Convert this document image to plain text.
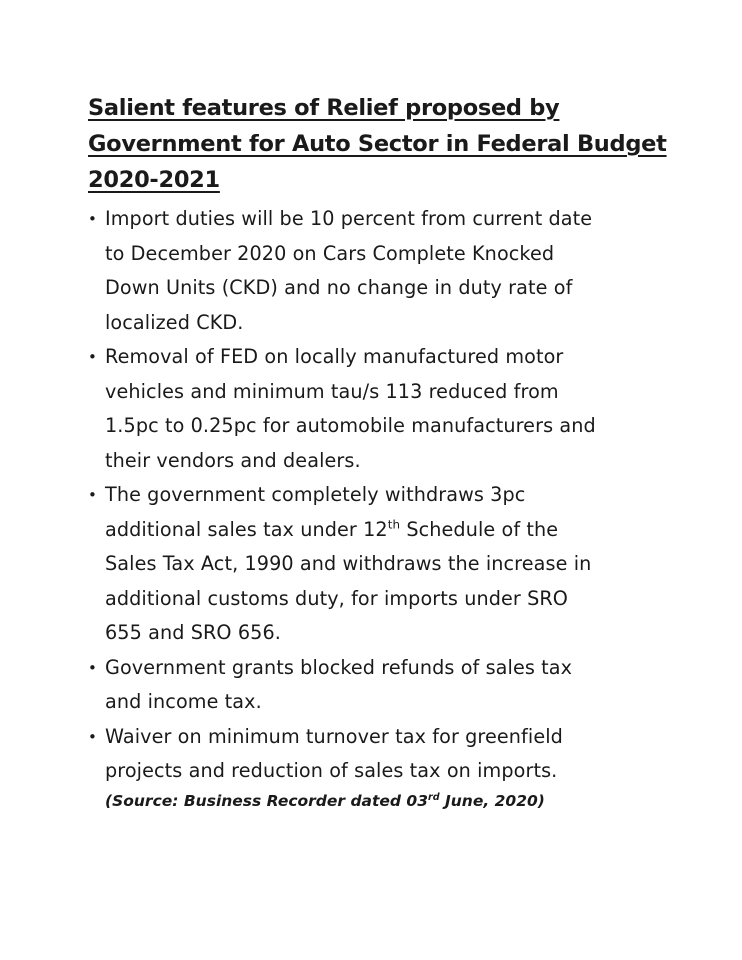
Salient features of Relief proposed by
Government for Auto Sector in Federal Budget
2020-2021
• Import duties will be 10 percent from current date
to December 2020 on Cars Complete Knocked
Down Units (CKD) and no change in duty rate of
localized CKD.
• Removal of FED on locally manufactured motor
vehicles and minimum tau/s 113 reduced from
1.5pc to 0.25pc for automobile manufacturers and
their vendors and dealers.
• The government completely withdraws 3pc
additional sales tax under 12th Schedule of the
Sales Tax Act, 1990 and withdraws the increase in
additional customs duty, for imports under SRO
655 and SRO 656.
• Government grants blocked refunds of sales tax
and income tax.
• Waiver on minimum turnover tax for greenfield
projects and reduction of sales tax on imports.
(Source: Business Recorder dated 03rd June, 2020)
